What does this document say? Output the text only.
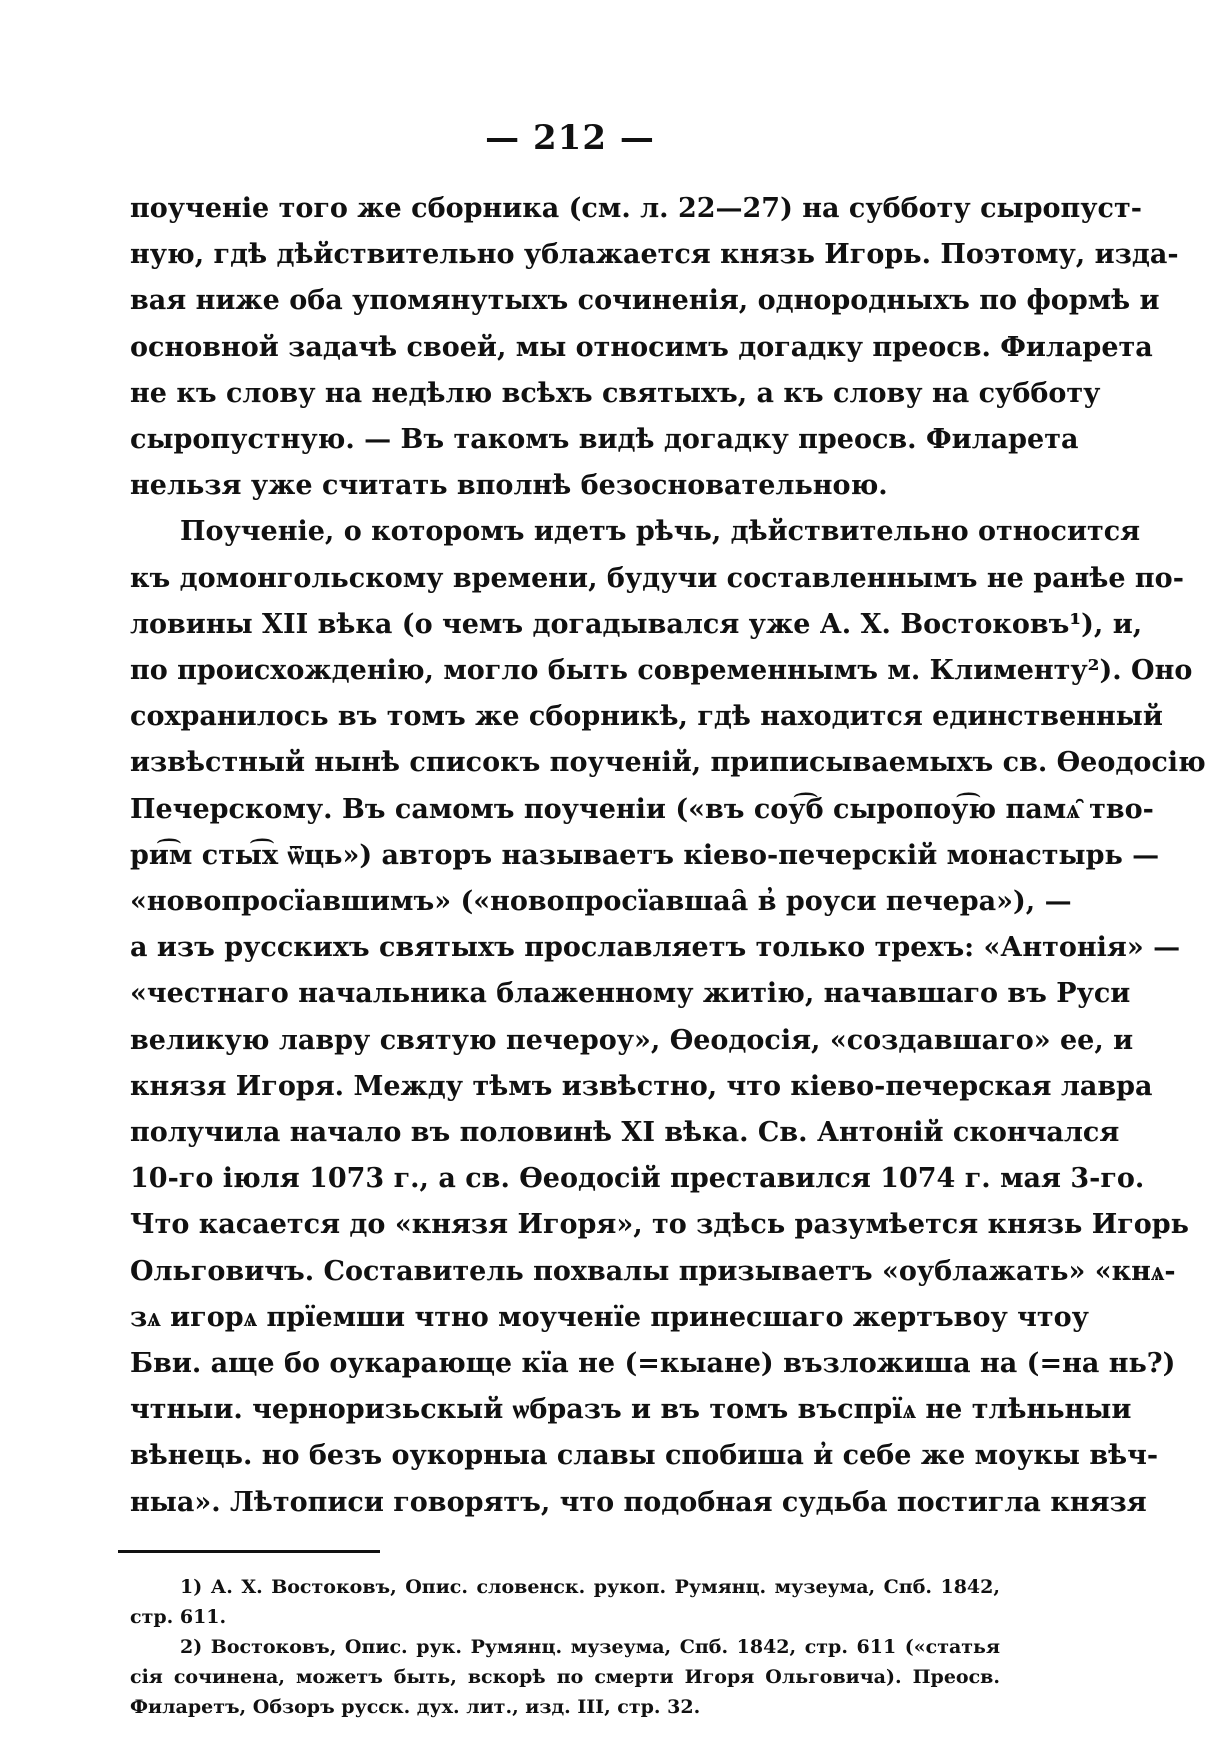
— 212 —

поученіе того же сборника (см. л. 22—27) на субботу сыропуст-
ную, гдѣ дѣйствительно ублажается князь Игорь. Поэтому, изда-
вая ниже оба упомянутыхъ сочиненія, однородныхъ по формѣ и
основной задачѣ своей, мы относимъ догадку преосв. Филарета
не къ слову на недѣлю всѣхъ святыхъ, а къ слову на субботу
сыропустную. — Въ такомъ видѣ догадку преосв. Филарета
нельзя уже считать вполнѣ безосновательною.

Поученіе, о которомъ идетъ рѣчь, дѣйствительно относится
къ домонгольскому времени, будучи составленнымъ не ранѣе по-
ловины XII вѣка (о чемъ догадывался уже А. Х. Востоковъ¹), и,
по происхожденію, могло быть современнымъ м. Клименту²). Оно
сохранилось въ томъ же сборникѣ, гдѣ находится единственный
извѣстный нынѣ списокъ поученій, приписываемыхъ св. Ѳеодосію
Печерскому. Въ самомъ поученіи («въ соу͡б сыропоу͡ю памѧ̑ тво-
ри͡м сты͡х ѿць») авторъ называетъ кіево-печерскій монастырь —
«новопросїавшимъ» («новопросїавшаа̑ в̓ роуси печера»), —
а изъ русскихъ святыхъ прославляетъ только трехъ: «Антонія» —
«честнаго начальника блаженному житію, начавшаго въ Руси
великую лавру святую печероу», Ѳеодосія, «создавшаго» ее, и
князя Игоря. Между тѣмъ извѣстно, что кіево-печерская лавра
получила начало въ половинѣ XI вѣка. Св. Антоній скончался
10-го іюля 1073 г., а св. Ѳеодосій преставился 1074 г. мая 3-го.
Что касается до «князя Игоря», то здѣсь разумѣется князь Игорь
Ольговичъ. Составитель похвалы призываетъ «оублажать» «кнѧ-
зѧ игорѧ прїемши чтно моученїе принесшаго жертъвоу чтоу
Бви. аще бо оукарающе кїа не (=кыане) възложиша на (=на нь?)
чтныи. черноризьскый ѡбразъ и въ томъ въспрїѧ не тлѣньныи
вѣнець. но безъ оукорныа славы спобиша и̓ себе же моукы вѣч-
ныа». Лѣтописи говорятъ, что подобная судьба постигла князя

1) А. Х. Востоковъ, Опис. словенск. рукоп. Румянц. музеума, Спб. 1842,
стр. 611.
2) Востоковъ, Опис. рук. Румянц. музеума, Спб. 1842, стр. 611 («статья
сія сочинена, можетъ быть, вскорѣ по смерти Игоря Ольговича). Преосв.
Филаретъ, Обзоръ русск. дух. лит., изд. III, стр. 32.
